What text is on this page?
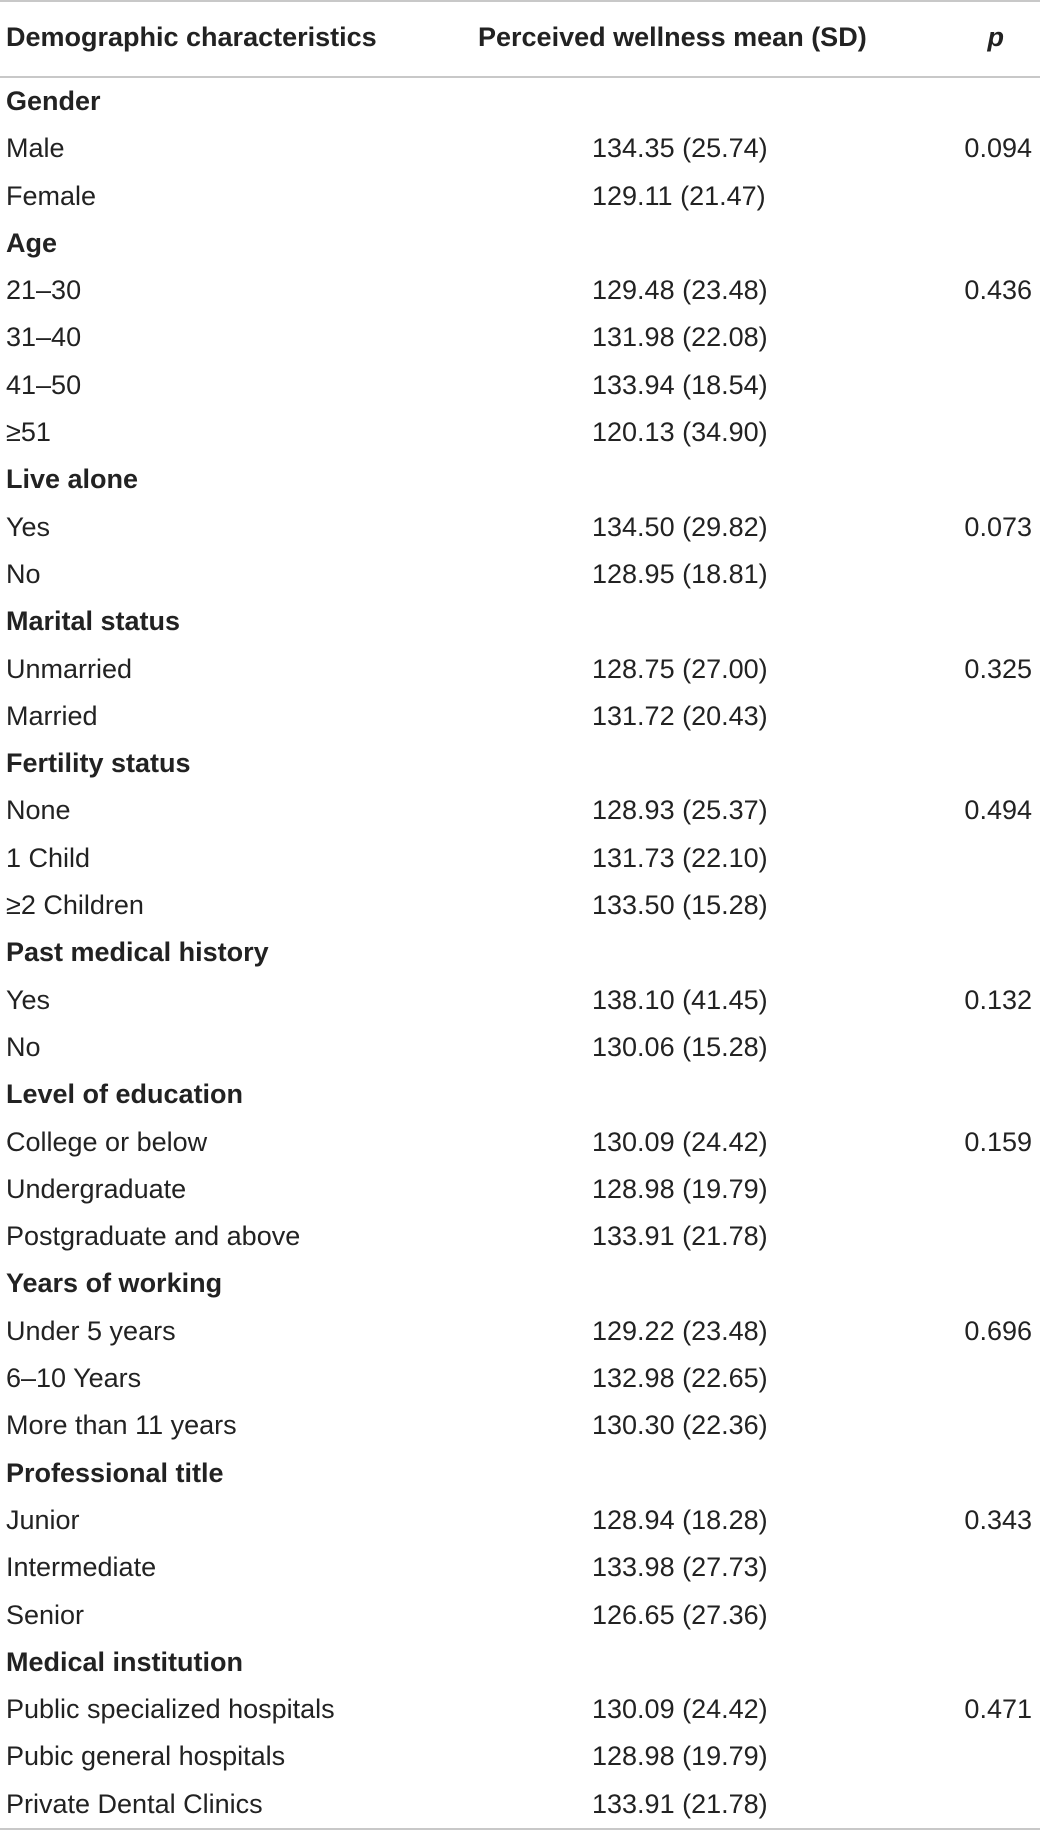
Demographic characteristics	Perceived wellness mean (SD)	p
Gender
Male	134.35 (25.74)	0.094
Female	129.11 (21.47)
Age
21–30	129.48 (23.48)	0.436
31–40	131.98 (22.08)
41–50	133.94 (18.54)
≥51	120.13 (34.90)
Live alone
Yes	134.50 (29.82)	0.073
No	128.95 (18.81)
Marital status
Unmarried	128.75 (27.00)	0.325
Married	131.72 (20.43)
Fertility status
None	128.93 (25.37)	0.494
1 Child	131.73 (22.10)
≥2 Children	133.50 (15.28)
Past medical history
Yes	138.10 (41.45)	0.132
No	130.06 (15.28)
Level of education
College or below	130.09 (24.42)	0.159
Undergraduate	128.98 (19.79)
Postgraduate and above	133.91 (21.78)
Years of working
Under 5 years	129.22 (23.48)	0.696
6–10 Years	132.98 (22.65)
More than 11 years	130.30 (22.36)
Professional title
Junior	128.94 (18.28)	0.343
Intermediate	133.98 (27.73)
Senior	126.65 (27.36)
Medical institution
Public specialized hospitals	130.09 (24.42)	0.471
Pubic general hospitals	128.98 (19.79)
Private Dental Clinics	133.91 (21.78)
